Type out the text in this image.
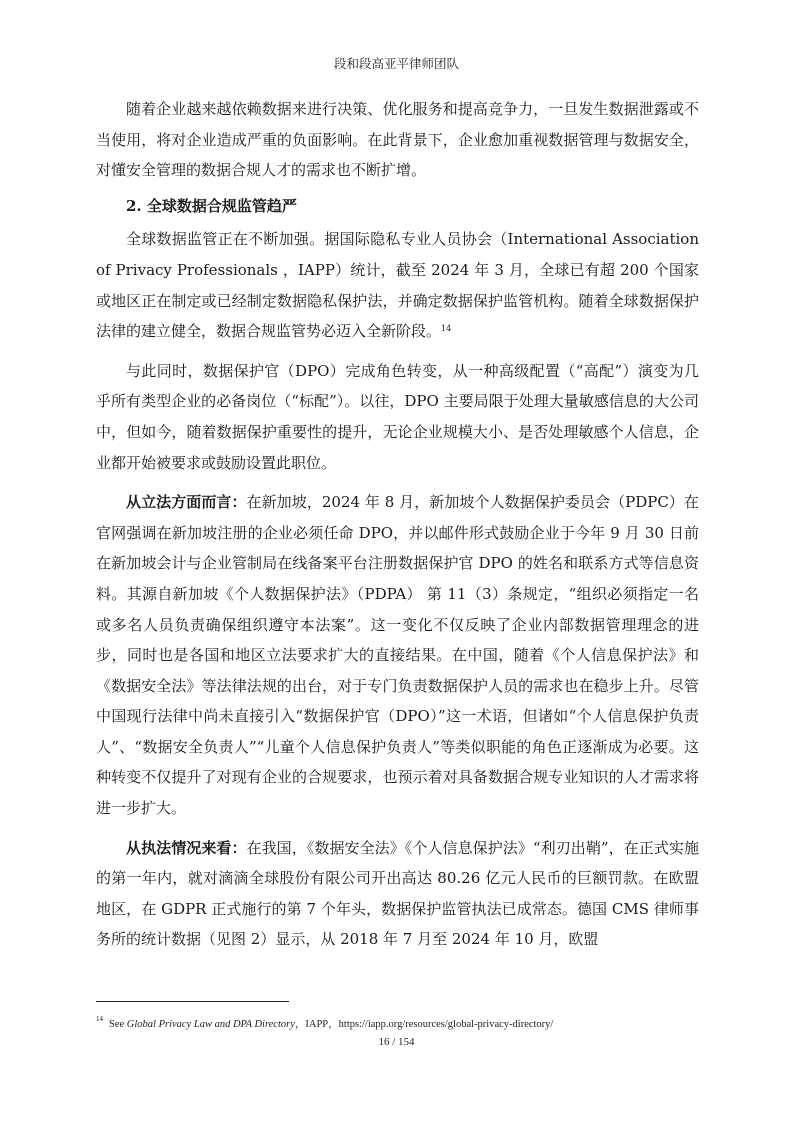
段和段高亚平律师团队

随着企业越来越依赖数据来进行决策、优化服务和提高竞争力，一旦发生数据泄露或不当使用，将对企业造成严重的负面影响。在此背景下，企业愈加重视数据管理与数据安全，对懂安全管理的数据合规人才的需求也不断扩增。

2. 全球数据合规监管趋严

全球数据监管正在不断加强。据国际隐私专业人员协会（International Association of Privacy Professionals ，IAPP）统计，截至 2024 年 3 月，全球已有超 200 个国家或地区正在制定或已经制定数据隐私保护法，并确定数据保护监管机构。随着全球数据保护法律的建立健全，数据合规监管势必迈入全新阶段。$^{14}$

与此同时，数据保护官（DPO）完成角色转变，从一种高级配置（“高配”）演变为几乎所有类型企业的必备岗位（“标配”）。以往，DPO 主要局限于处理大量敏感信息的大公司中，但如今，随着数据保护重要性的提升，无论企业规模大小、是否处理敏感个人信息，企业都开始被要求或鼓励设置此职位。

从立法方面而言：在新加坡，2024 年 8 月，新加坡个人数据保护委员会（PDPC）在官网强调在新加坡注册的企业必须任命 DPO，并以邮件形式鼓励企业于今年 9 月 30 日前在新加坡会计与企业管制局在线备案平台注册数据保护官 DPO 的姓名和联系方式等信息资料。其源自新加坡《个人数据保护法》（PDPA） 第 11（3）条规定，“组织必须指定一名或多名人员负责确保组织遵守本法案”。这一变化不仅反映了企业内部数据管理理念的进步，同时也是各国和地区立法要求扩大的直接结果。在中国，随着《个人信息保护法》和《数据安全法》等法律法规的出台，对于专门负责数据保护人员的需求也在稳步上升。尽管中国现行法律中尚未直接引入“数据保护官（DPO）”这一术语，但诸如“个人信息保护负责人”、“数据安全负责人”“儿童个人信息保护负责人”等类似职能的角色正逐渐成为必要。这种转变不仅提升了对现有企业的合规要求，也预示着对具备数据合规专业知识的人才需求将进一步扩大。

从执法情况来看：在我国，《数据安全法》《个人信息保护法》“利刃出鞘”，在正式实施的第一年内，就对滴滴全球股份有限公司开出高达 80.26 亿元人民币的巨额罚款。在欧盟地区，在 GDPR 正式施行的第 7 个年头，数据保护监管执法已成常态。德国 CMS 律师事务所的统计数据（见图 2）显示，从 2018 年 7 月至 2024 年 10 月，欧盟

$^{14}$ See Global Privacy Law and DPA Directory，IAPP，https://iapp.org/resources/global-privacy-directory/
16 / 154
